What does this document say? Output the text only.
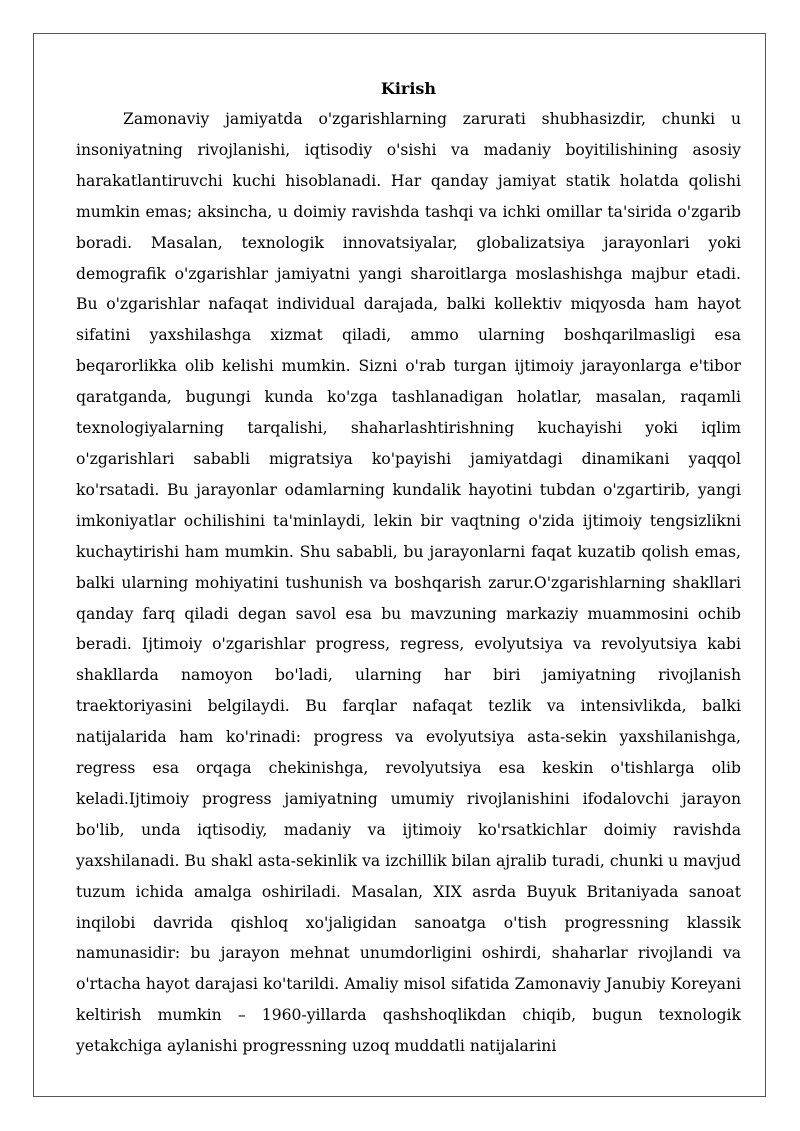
Kirish

Zamonaviy jamiyatda o'zgarishlarning zarurati shubhasizdir, chunki u insoniyatning rivojlanishi, iqtisodiy o'sishi va madaniy boyitilishining asosiy harakatlantiruvchi kuchi hisoblanadi. Har qanday jamiyat statik holatda qolishi mumkin emas; aksincha, u doimiy ravishda tashqi va ichki omillar ta'sirida o'zgarib boradi. Masalan, texnologik innovatsiyalar, globalizatsiya jarayonlari yoki demografik o'zgarishlar jamiyatni yangi sharoitlarga moslashishga majbur etadi. Bu o'zgarishlar nafaqat individual darajada, balki kollektiv miqyosda ham hayot sifatini yaxshilashga xizmat qiladi, ammo ularning boshqarilmasligi esa beqarorlikka olib kelishi mumkin. Sizni o'rab turgan ijtimoiy jarayonlarga e'tibor qaratganda, bugungi kunda ko'zga tashlanadigan holatlar, masalan, raqamli texnologiyalarning tarqalishi, shaharlashtirishning kuchayishi yoki iqlim o'zgarishlari sababli migratsiya ko'payishi jamiyatdagi dinamikani yaqqol ko'rsatadi. Bu jarayonlar odamlarning kundalik hayotini tubdan o'zgartirib, yangi imkoniyatlar ochilishini ta'minlaydi, lekin bir vaqtning o'zida ijtimoiy tengsizlikni kuchaytirishi ham mumkin. Shu sababli, bu jarayonlarni faqat kuzatib qolish emas, balki ularning mohiyatini tushunish va boshqarish zarur.O'zgarishlarning shakllari qanday farq qiladi degan savol esa bu mavzuning markaziy muammosini ochib beradi. Ijtimoiy o'zgarishlar progress, regress, evolyutsiya va revolyutsiya kabi shakllarda namoyon bo'ladi, ularning har biri jamiyatning rivojlanish traektoriyasini belgilaydi. Bu farqlar nafaqat tezlik va intensivlikda, balki natijalarida ham ko'rinadi: progress va evolyutsiya asta-sekin yaxshilanishga, regress esa orqaga chekinishga, revolyutsiya esa keskin o'tishlarga olib keladi.Ijtimoiy progress jamiyatning umumiy rivojlanishini ifodalovchi jarayon bo'lib, unda iqtisodiy, madaniy va ijtimoiy ko'rsatkichlar doimiy ravishda yaxshilanadi. Bu shakl asta-sekinlik va izchillik bilan ajralib turadi, chunki u mavjud tuzum ichida amalga oshiriladi. Masalan, XIX asrda Buyuk Britaniyada sanoat inqilobi davrida qishloq xo'jaligidan sanoatga o'tish progressning klassik namunasidir: bu jarayon mehnat unumdorligini oshirdi, shaharlar rivojlandi va o'rtacha hayot darajasi ko'tarildi. Amaliy misol sifatida Zamonaviy Janubiy Koreyani keltirish mumkin – 1960-yillarda qashshoqlikdan chiqib, bugun texnologik yetakchiga aylanishi progressning uzoq muddatli natijalarini
